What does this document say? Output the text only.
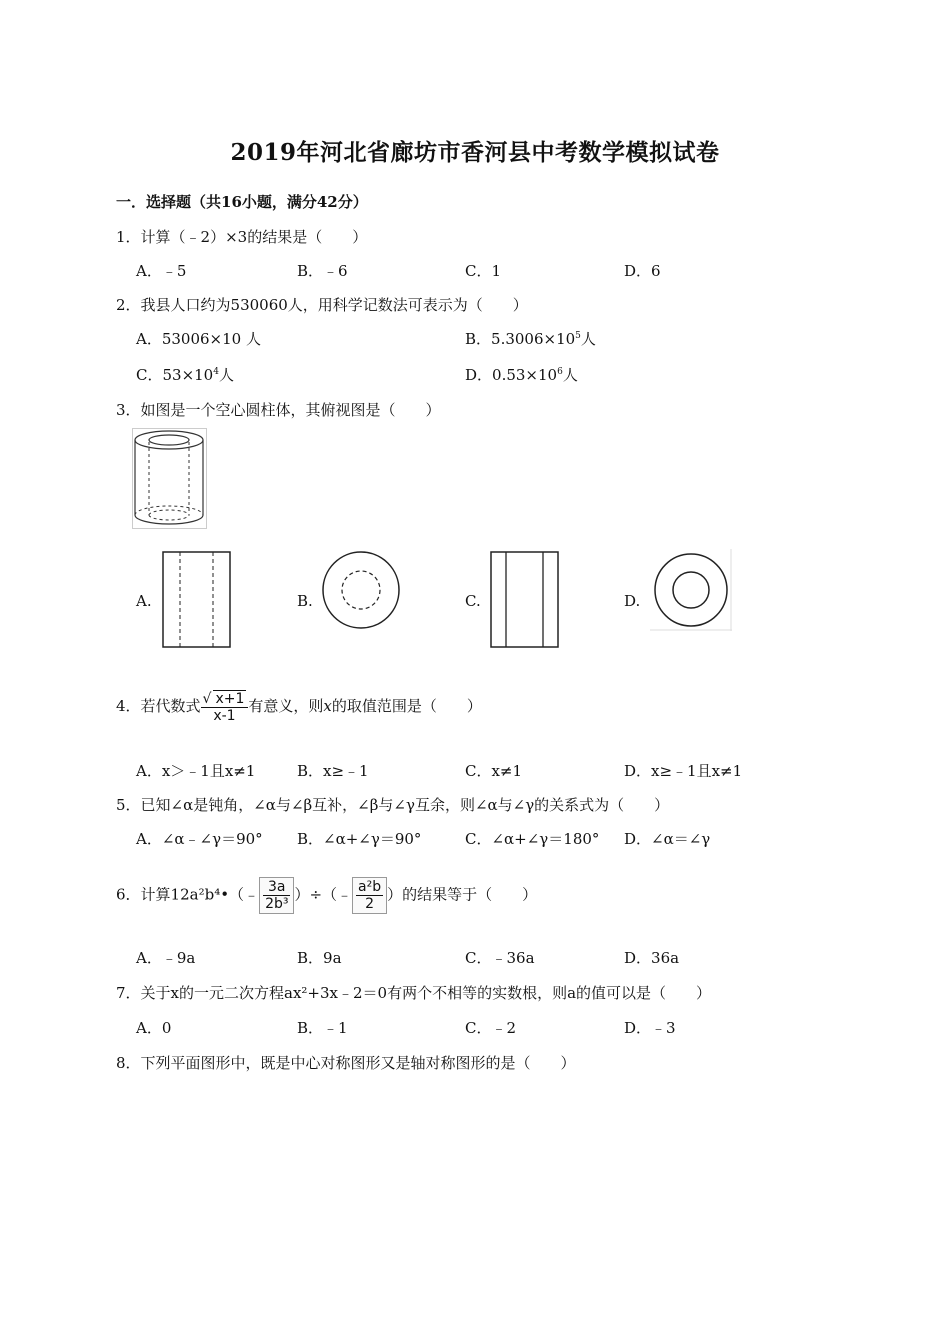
2019年河北省廊坊市香河县中考数学模拟试卷
一．选择题（共16小题，满分42分）
1．计算（﹣2）×3的结果是（　　）
A．﹣5	B．﹣6	C．1	D．6
2．我县人口约为530060人，用科学记数法可表示为（　　）
A．53006×10 人	B．$5.3006\times 10^5$人
C．$53\times 10^4$人	D．$0.53\times 10^6$人
3．如图是一个空心圆柱体，其俯视图是（　　）
A.	B.	C.	D.
4．若代数式 $\frac{√ x+1}{x-1}$ 有意义，则x的取值范围是（　　）
A．x＞﹣1且x≠1	B．x≥﹣1	C．x≠1	D．x≥﹣1且x≠1
5．已知∠α是钝角，∠α与∠β互补，∠β与∠γ互余，则∠α与∠γ的关系式为（　　）
A．∠α﹣∠γ＝90° B．∠α+∠γ＝90°	C．∠α+∠γ＝180° D．∠α＝∠γ
6．计算12a²b⁴•（﹣ $\frac{3a}{\text{2b³}}$ ）÷（﹣ $\frac{\text{a²b}}{2}$ ）的结果等于（　　）
A．﹣9a	B．9a	C．﹣36a	D．36a
7．关于x的一元二次方程ax²+3x﹣2＝0有两个不相等的实数根，则a的值可以是（　　）
A．0	B．﹣1	C．﹣2	D．﹣3
8．下列平面图形中，既是中心对称图形又是轴对称图形的是（　　）
